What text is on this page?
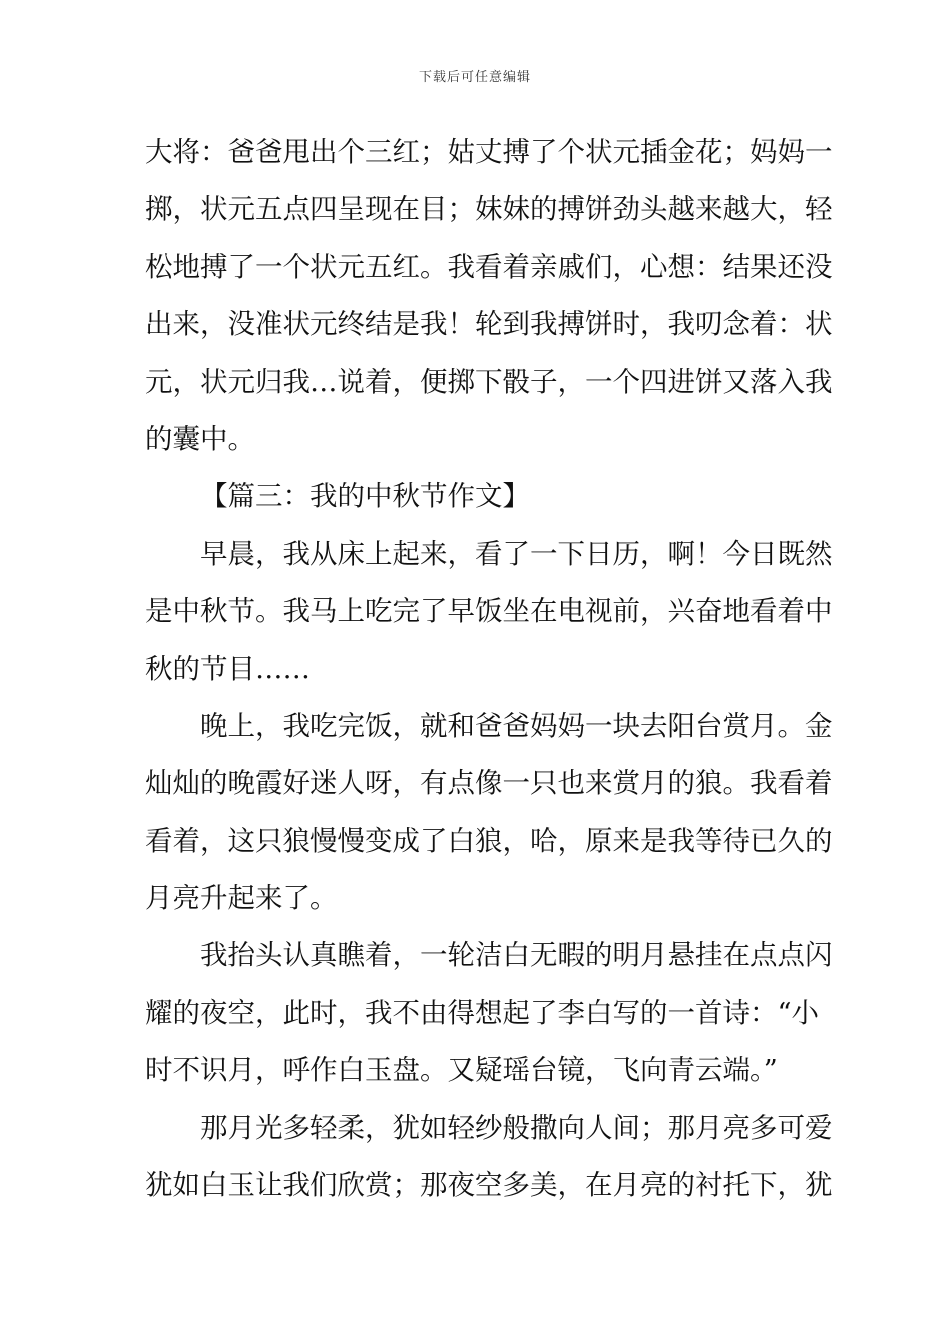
下载后可任意编辑
大将：爸爸甩出个三红；姑丈搏了个状元插金花；妈妈一
掷，状元五点四呈现在目；妹妹的搏饼劲头越来越大，轻
松地搏了一个状元五红。我看着亲戚们，心想：结果还没
出来，没准状元终结是我！轮到我搏饼时，我叨念着：状
元，状元归我…说着，便掷下骰子，一个四进饼又落入我
的囊中。
【篇三：我的中秋节作文】
早晨，我从床上起来，看了一下日历，啊！今日既然
是中秋节。我马上吃完了早饭坐在电视前，兴奋地看着中
秋的节目……
晚上，我吃完饭，就和爸爸妈妈一块去阳台赏月。金
灿灿的晚霞好迷人呀，有点像一只也来赏月的狼。我看着
看着，这只狼慢慢变成了白狼，哈，原来是我等待已久的
月亮升起来了。
我抬头认真瞧着，一轮洁白无暇的明月悬挂在点点闪
耀的夜空，此时，我不由得想起了李白写的一首诗：“小
时不识月，呼作白玉盘。又疑瑶台镜，飞向青云端。”
那月光多轻柔，犹如轻纱般撒向人间；那月亮多可爱
犹如白玉让我们欣赏；那夜空多美，在月亮的衬托下，犹
